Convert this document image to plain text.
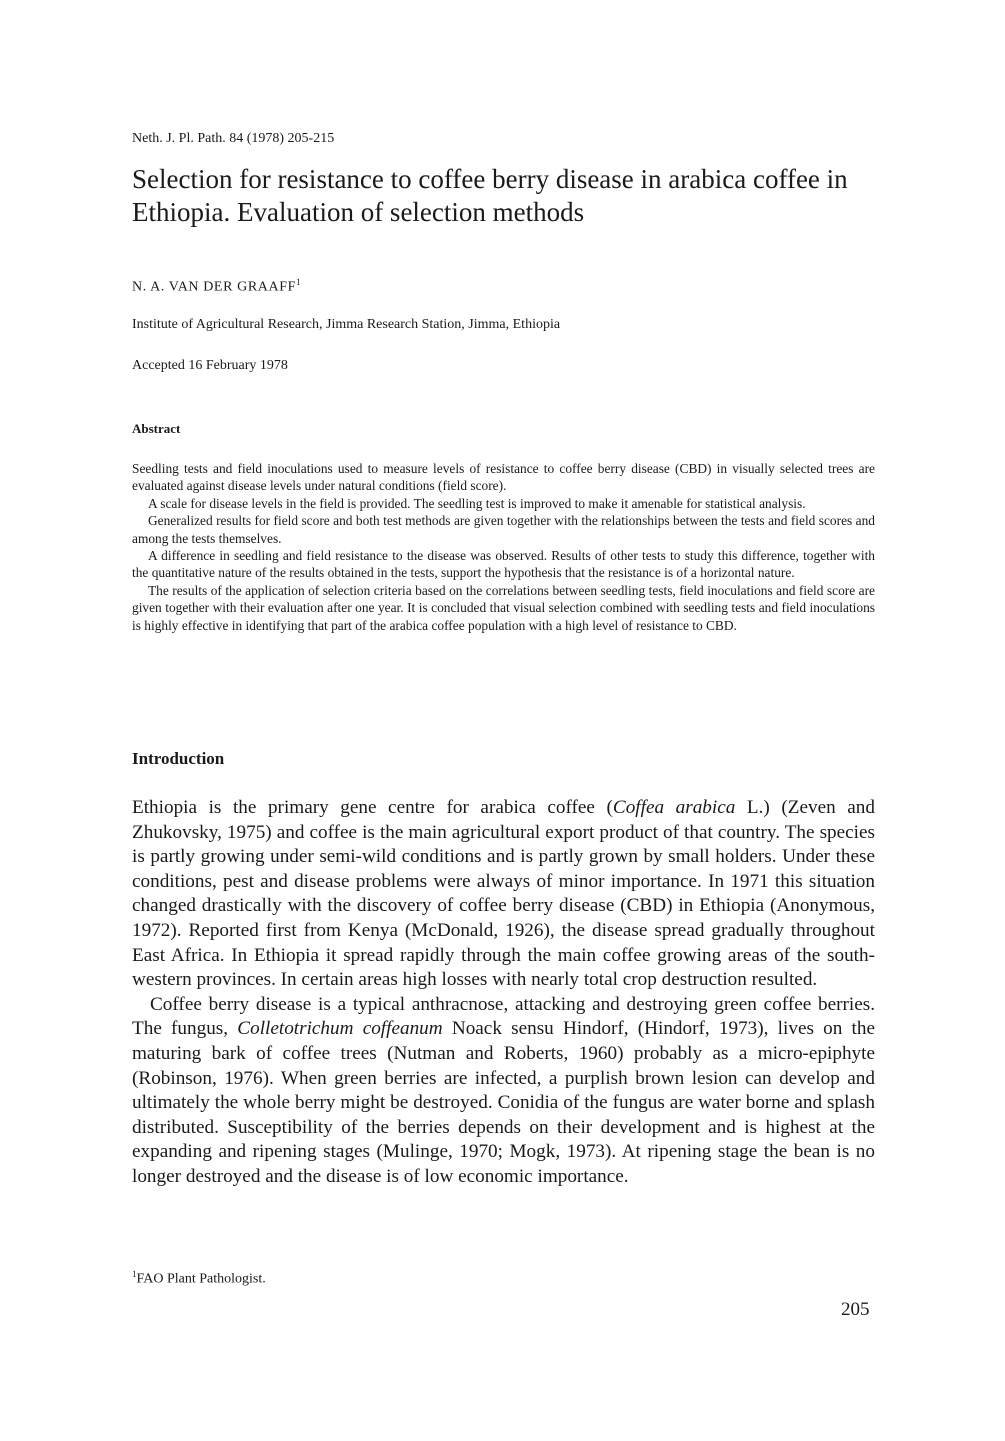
Neth. J. Pl. Path. 84 (1978) 205-215
Selection for resistance to coffee berry disease in arabica coffee in Ethiopia. Evaluation of selection methods
N. A. VAN DER GRAAFF$^1$
Institute of Agricultural Research, Jimma Research Station, Jimma, Ethiopia
Accepted 16 February 1978
Abstract

Seedling tests and field inoculations used to measure levels of resistance to coffee berry disease (CBD) in visually selected trees are evaluated against disease levels under natural conditions (field score).

A scale for disease levels in the field is provided. The seedling test is improved to make it amenable for statistical analysis.

Generalized results for field score and both test methods are given together with the relationships between the tests and field scores and among the tests themselves.

A difference in seedling and field resistance to the disease was observed. Results of other tests to study this difference, together with the quantitative nature of the results obtained in the tests, support the hypothesis that the resistance is of a horizontal nature.

The results of the application of selection criteria based on the correlations between seedling tests, field inoculations and field score are given together with their evaluation after one year. It is concluded that visual selection combined with seedling tests and field inoculations is highly effective in identifying that part of the arabica coffee population with a high level of resistance to CBD.

Introduction

Ethiopia is the primary gene centre for arabica coffee (Coffea arabica L.) (Zeven and Zhukovsky, 1975) and coffee is the main agricultural export product of that country. The species is partly growing under semi-wild conditions and is partly grown by small holders. Under these conditions, pest and disease problems were always of minor importance. In 1971 this situation changed drastically with the discovery of coffee berry disease (CBD) in Ethiopia (Anonymous, 1972). Reported first from Kenya (McDonald, 1926), the disease spread gradually throughout East Africa. In Ethiopia it spread rapidly through the main coffee growing areas of the south-western provinces. In certain areas high losses with nearly total crop destruction resulted.

Coffee berry disease is a typical anthracnose, attacking and destroying green coffee berries. The fungus, Colletotrichum coffeanum Noack sensu Hindorf, (Hindorf, 1973), lives on the maturing bark of coffee trees (Nutman and Roberts, 1960) probably as a micro-epiphyte (Robinson, 1976). When green berries are infected, a purplish brown lesion can develop and ultimately the whole berry might be destroyed. Conidia of the fungus are water borne and splash distributed. Susceptibility of the berries depends on their development and is highest at the expanding and ripening stages (Mulinge, 1970; Mogk, 1973). At ripening stage the bean is no longer destroyed and the disease is of low economic importance.

$^1$FAO Plant Pathologist.
205
